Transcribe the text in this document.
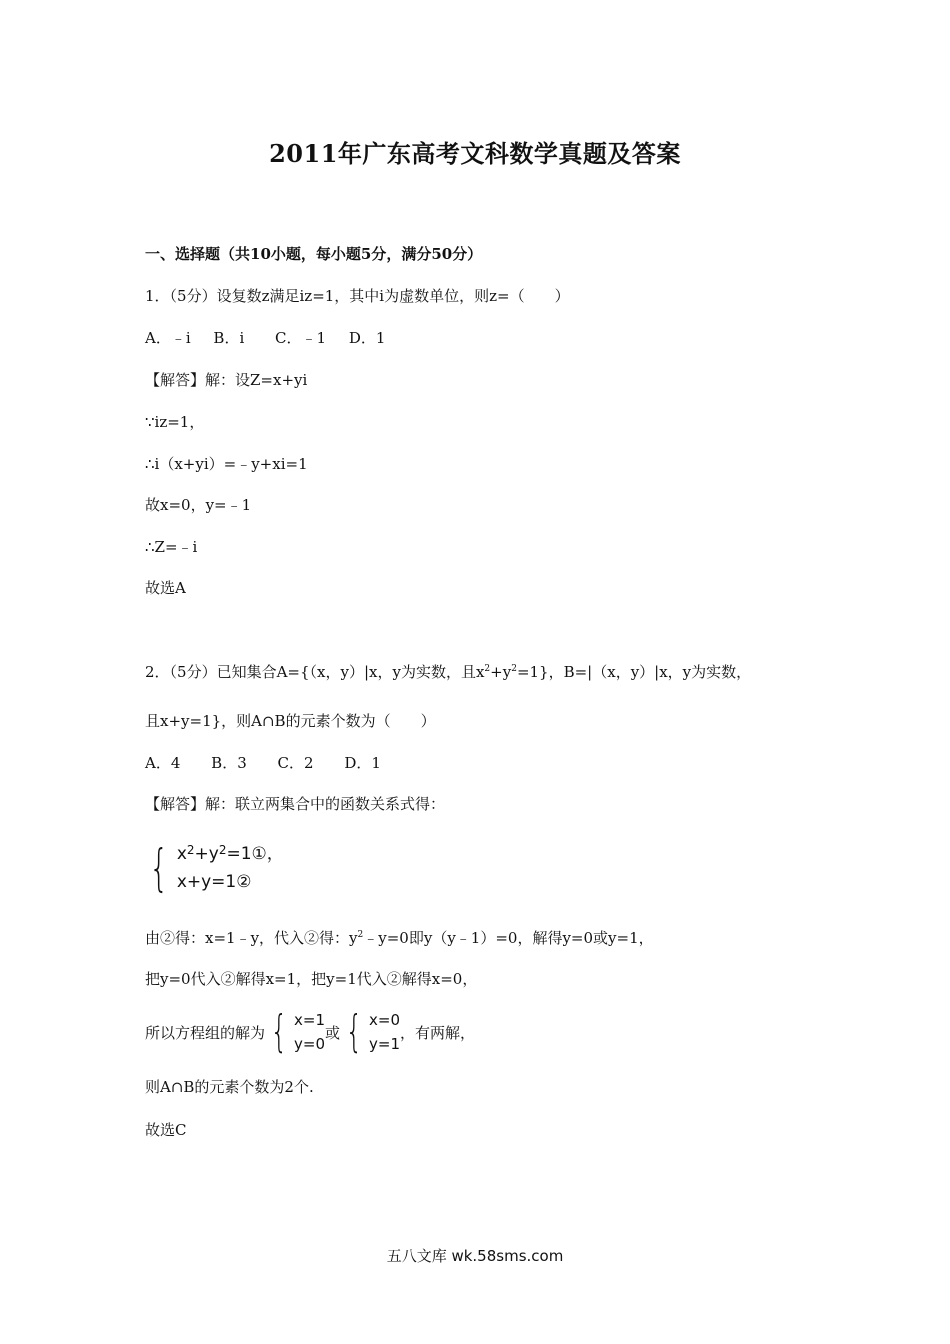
2011年广东高考文科数学真题及答案
一、选择题（共10小题，每小题5分，满分50分）
1．（5分）设复数z满足iz=1，其中i为虚数单位，则z=（　　）
A．﹣i B．i C．﹣1 D．1
【解答】解：设Z=x+yi
∵iz=1，
∴i（x+yi）=﹣y+xi=1
故x=0，y=﹣1
∴Z=﹣i
故选A
2．（5分）已知集合A={（x，y）|x，y为实数，且$x^2+y^2=1$}，B=|（x，y）|x，y为实数，
且x+y=1}，则A∩B的元素个数为（　　）
A．4 B．3 C．2 D．1
【解答】解：联立两集合中的函数关系式得：
{ $x^2+y^2=1①$，
x+y=1②
由②得：x=1﹣y，代入②得：$y^2﹣y=0$即y（y﹣1）=0，解得y=0或y=1，
把y=0代入②解得x=1，把y=1代入②解得x=0，
所以方程组的解为 { x=1
y=0
或 { x=0
y=1
，有两解，
则A∩B的元素个数为2个.
故选C
五八文库 wk.58sms.com
